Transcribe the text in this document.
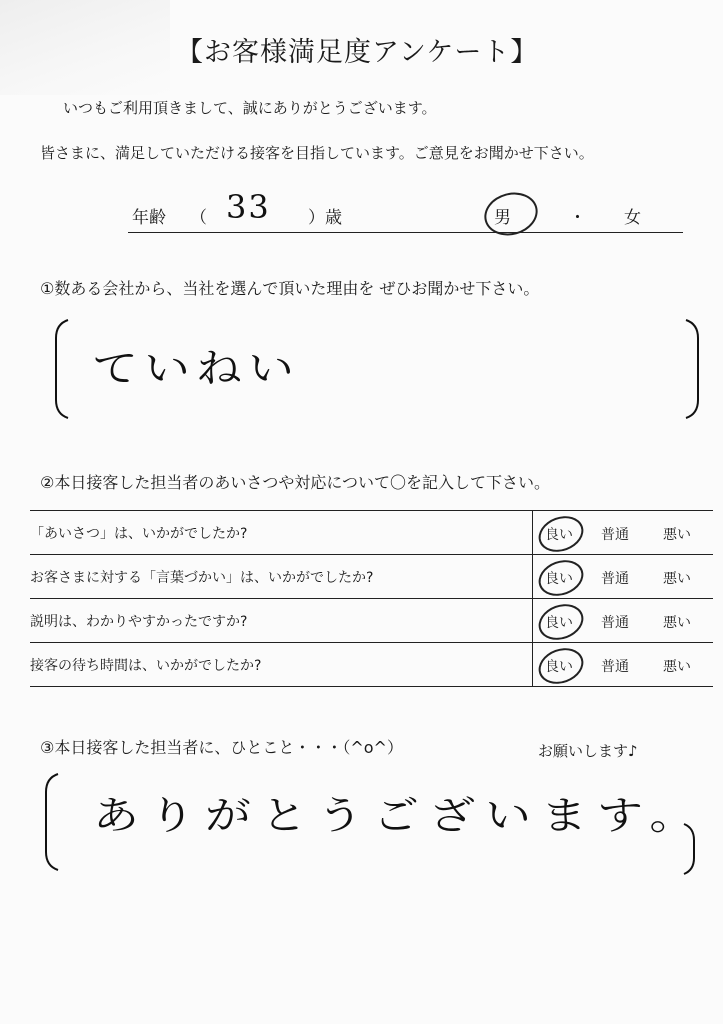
【お客様満足度アンケート】
いつもご利用頂きまして、誠にありがとうございます。
皆さまに、満足していただける接客を目指しています。ご意見をお聞かせ下さい。
年齢 （ 33 ）歳	男	・ 女
①数ある会社から、当社を選んで頂いた理由を ぜひお聞かせ下さい。
ていねい
②本日接客した担当者のあいさつや対応について〇を記入して下さい。
「あいさつ」は、いかがでしたか?	良い 普通 悪い

お客さまに対する「言葉づかい」は、いかがでしたか?	良い 普通 悪い

説明は、わかりやすかったですか?	良い 普通 悪い

接客の待ち時間は、いかがでしたか?	良い 普通 悪い
③本日接客した担当者に、ひとこと・・・（^o^）	お願いします♪
ありがとうございます。
